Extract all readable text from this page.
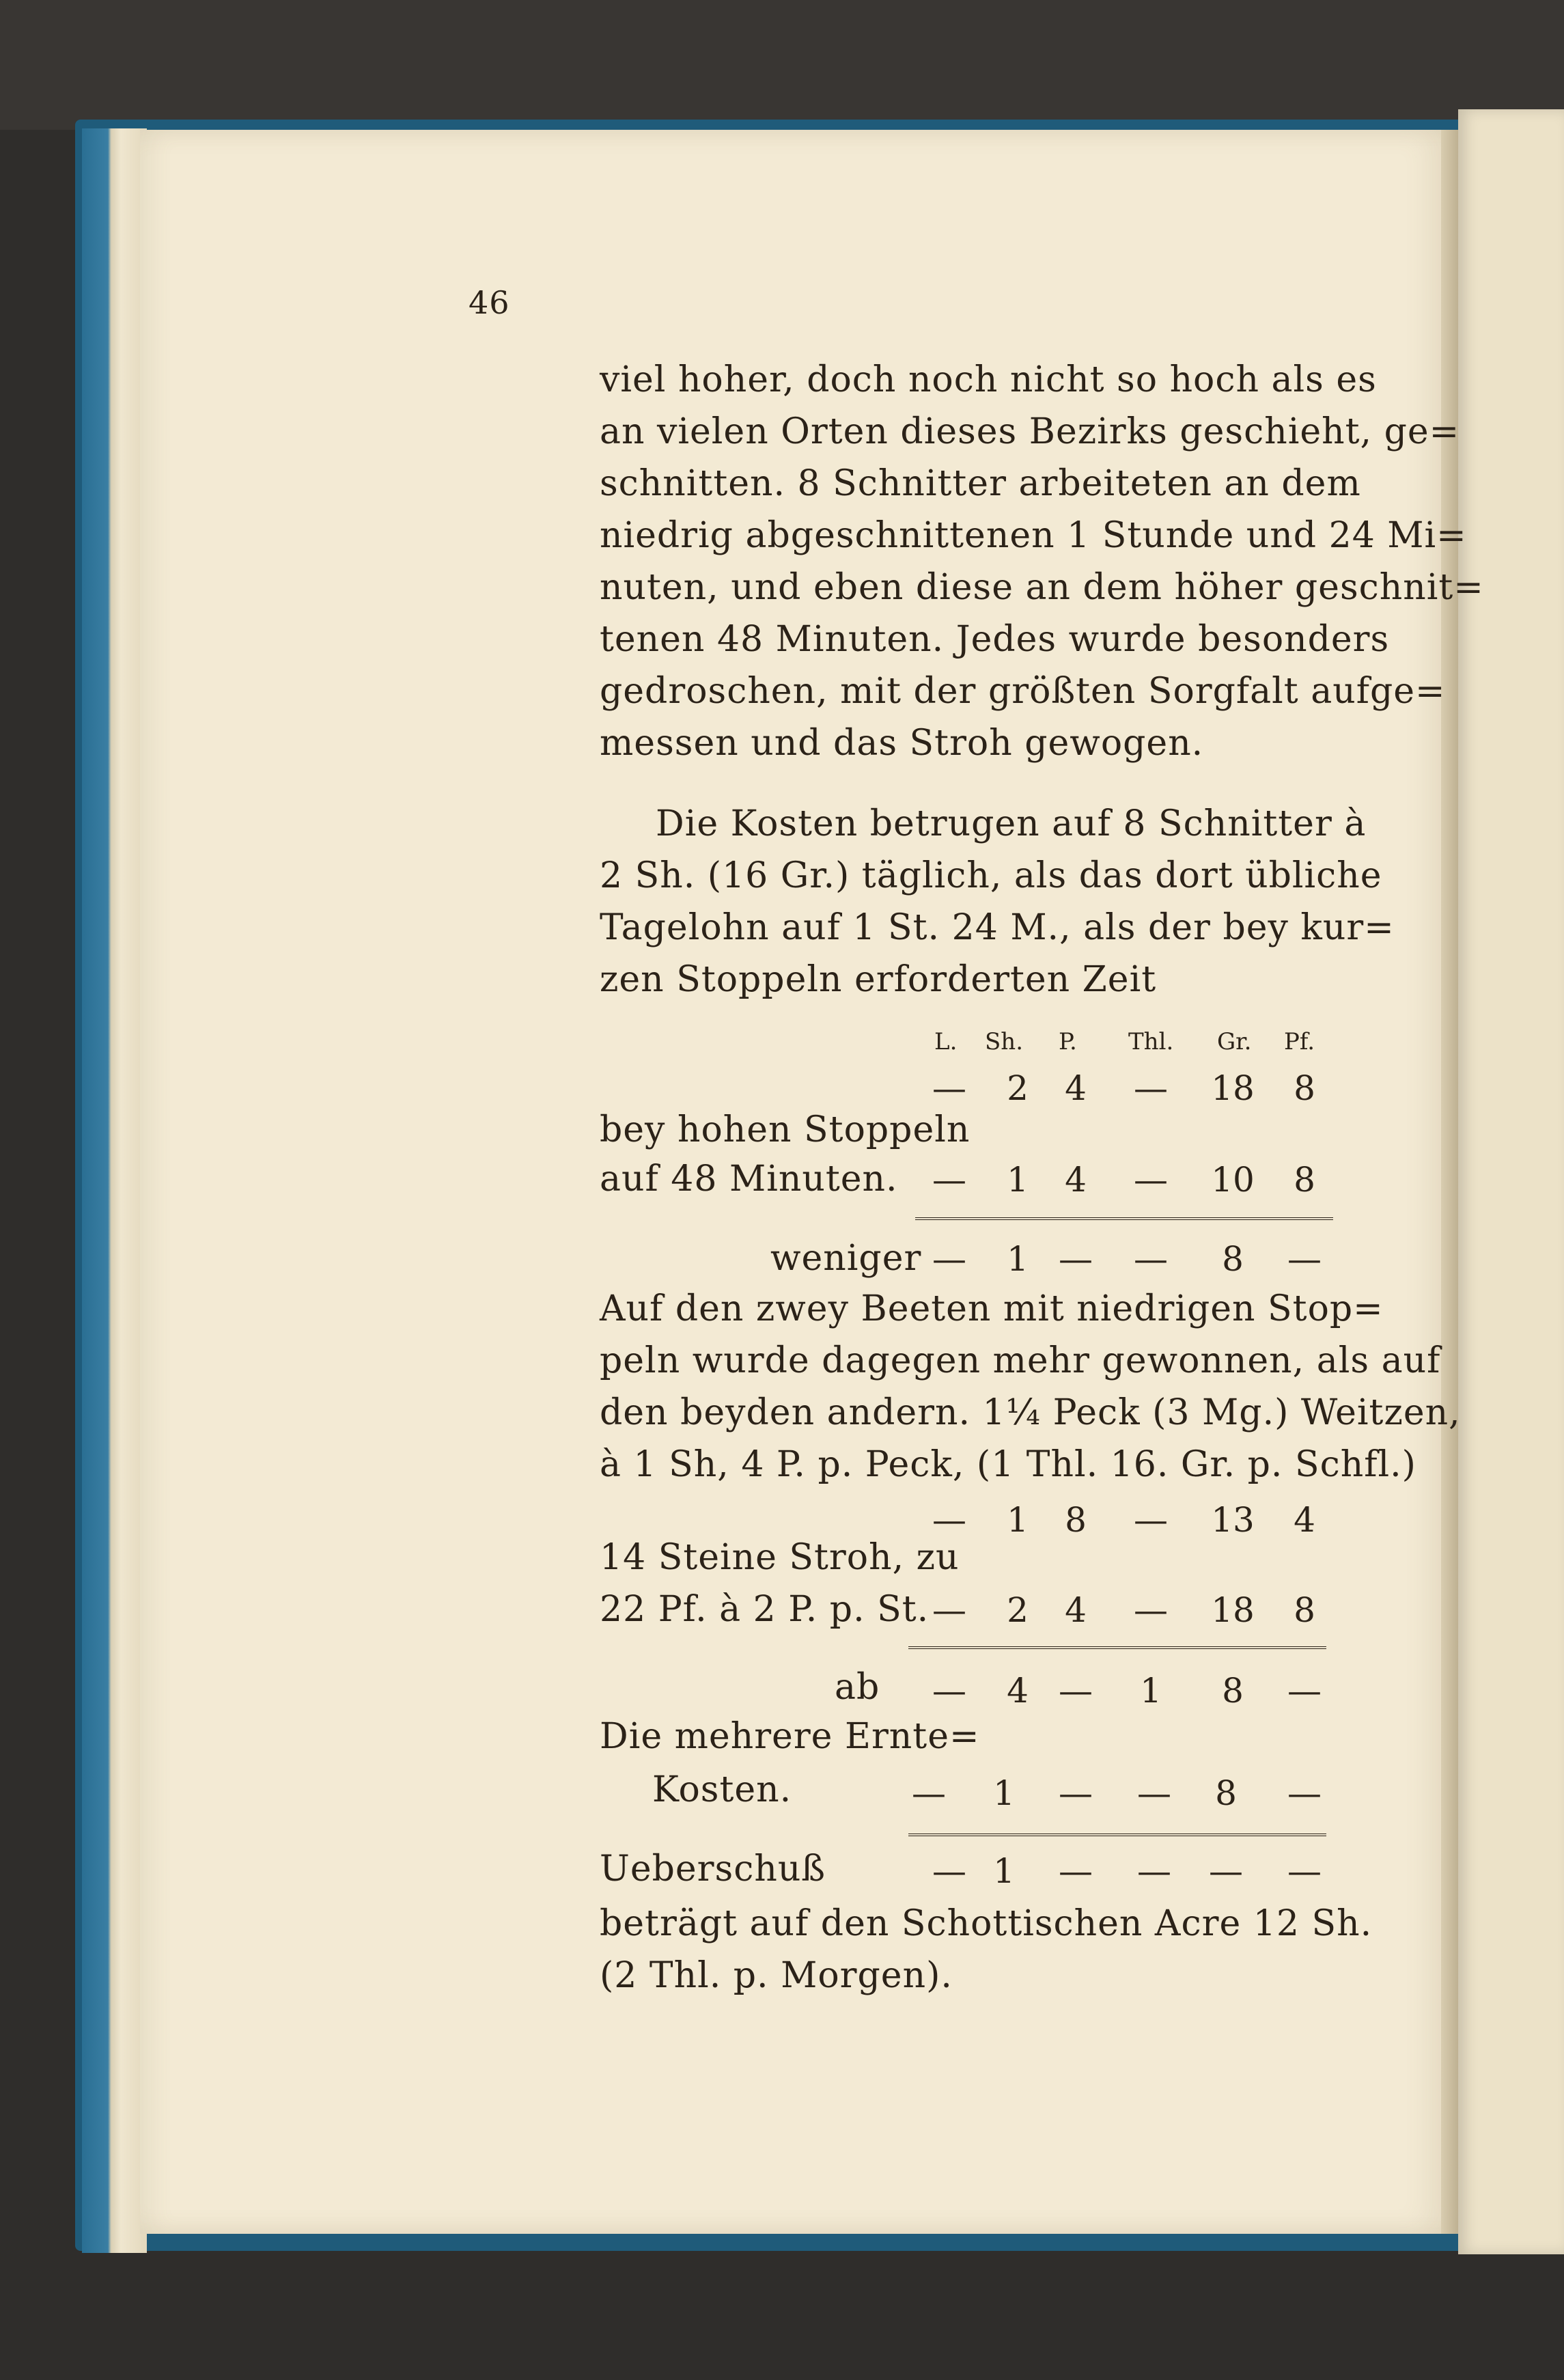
46
viel hoher, doch noch nicht so hoch als es
an vielen Orten dieses Bezirks geschieht, ge=
schnitten. 8 Schnitter arbeiteten an dem
niedrig abgeschnittenen 1 Stunde und 24 Mi=
nuten, und eben diese an dem höher geschnit=
tenen 48 Minuten. Jedes wurde besonders
gedroschen, mit der größten Sorgfalt aufge=
messen und das Stroh gewogen.
Die Kosten betrugen auf 8 Schnitter à
2 Sh. (16 Gr.) täglich, als das dort übliche
Tagelohn auf 1 St. 24 M., als der bey kur=
zen Stoppeln erforderten Zeit
L. Sh. P. Thl. Gr. Pf.
— 2 4 — 18 8
bey hohen Stoppeln
auf 48 Minuten. — 1 4 — 10 8
weniger — 1 — —	8	—
Auf den zwey Beeten mit niedrigen Stop=
peln wurde dagegen mehr gewonnen, als auf
den beyden andern. 1¼ Peck (3 Mg.) Weitzen,
à 1 Sh, 4 P. p. Peck, (1 Thl. 16. Gr. p. Schfl.)
— 1 8 — 13 4
14 Steine Stroh, zu
22 Pf. à 2 P. p. St. — 2 4 — 18 8
ab — 4 — 1	8	—
Die mehrere Ernte=
Kosten.	— 1 — —	8	—
Ueberschuß	— 1 — — — —
beträgt auf den Schottischen Acre 12 Sh.
(2 Thl. p. Morgen).
